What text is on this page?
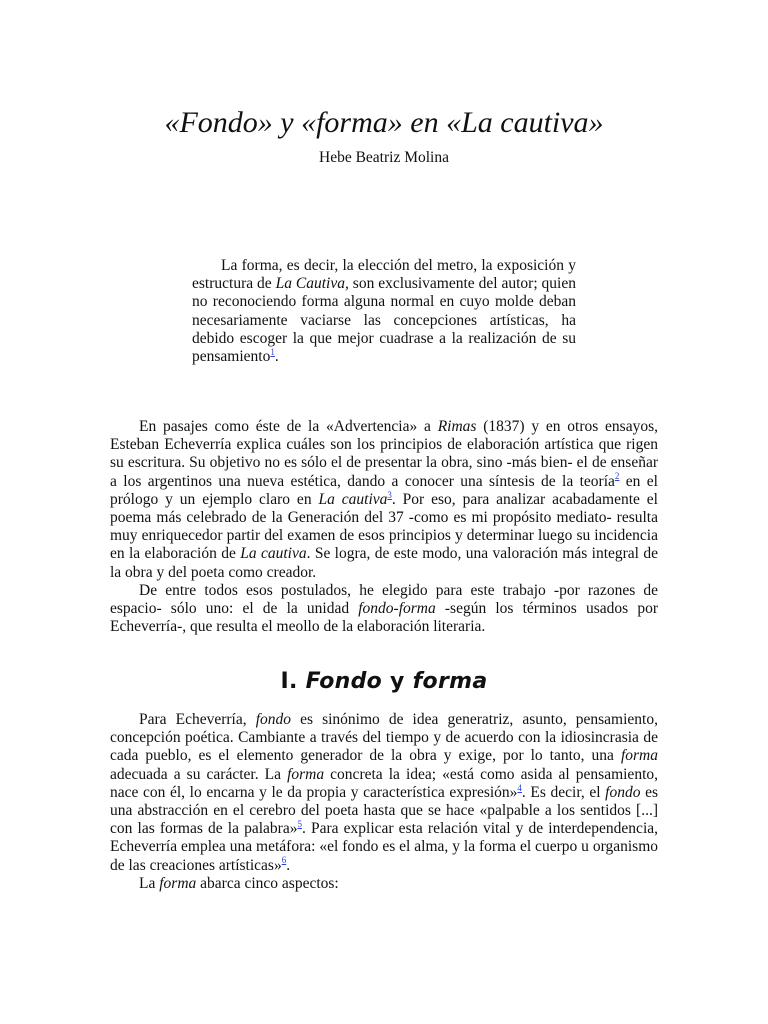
«Fondo» y «forma» en «La cautiva»
Hebe Beatriz Molina

La forma, es decir, la elección del metro, la exposición y estructura de La Cautiva, son exclusivamente del autor; quien no reconociendo forma alguna normal en cuyo molde deban necesariamente vaciarse las concepciones artísticas, ha debido escoger la que mejor cuadrase a la realización de su pensamiento$^1$.

En pasajes como éste de la «Advertencia» a Rimas (1837) y en otros ensayos, Esteban Echeverría explica cuáles son los principios de elaboración artística que rigen su escritura. Su objetivo no es sólo el de presentar la obra, sino -más bien- el de enseñar a los argentinos una nueva estética, dando a conocer una síntesis de la teoría$^2$ en el prólogo y un ejemplo claro en La cautiva$^3$. Por eso, para analizar acabadamente el poema más celebrado de la Generación del 37 -como es mi propósito mediato- resulta muy enriquecedor partir del examen de esos principios y determinar luego su incidencia en la elaboración de La cautiva. Se logra, de este modo, una valoración más integral de la obra y del poeta como creador.

De entre todos esos postulados, he elegido para este trabajo -por razones de espacio- sólo uno: el de la unidad fondo-forma -según los términos usados por Echeverría-, que resulta el meollo de la elaboración literaria.

I. Fondo y forma

Para Echeverría, fondo es sinónimo de idea generatriz, asunto, pensamiento, concepción poética. Cambiante a través del tiempo y de acuerdo con la idiosincrasia de cada pueblo, es el elemento generador de la obra y exige, por lo tanto, una forma adecuada a su carácter. La forma concreta la idea; «está como asida al pensamiento, nace con él, lo encarna y le da propia y característica expresión»$^4$. Es decir, el fondo es una abstracción en el cerebro del poeta hasta que se hace «palpable a los sentidos [...] con las formas de la palabra»$^5$. Para explicar esta relación vital y de interdependencia, Echeverría emplea una metáfora: «el fondo es el alma, y la forma el cuerpo u organismo de las creaciones artísticas»$^6$.

La forma abarca cinco aspectos:
